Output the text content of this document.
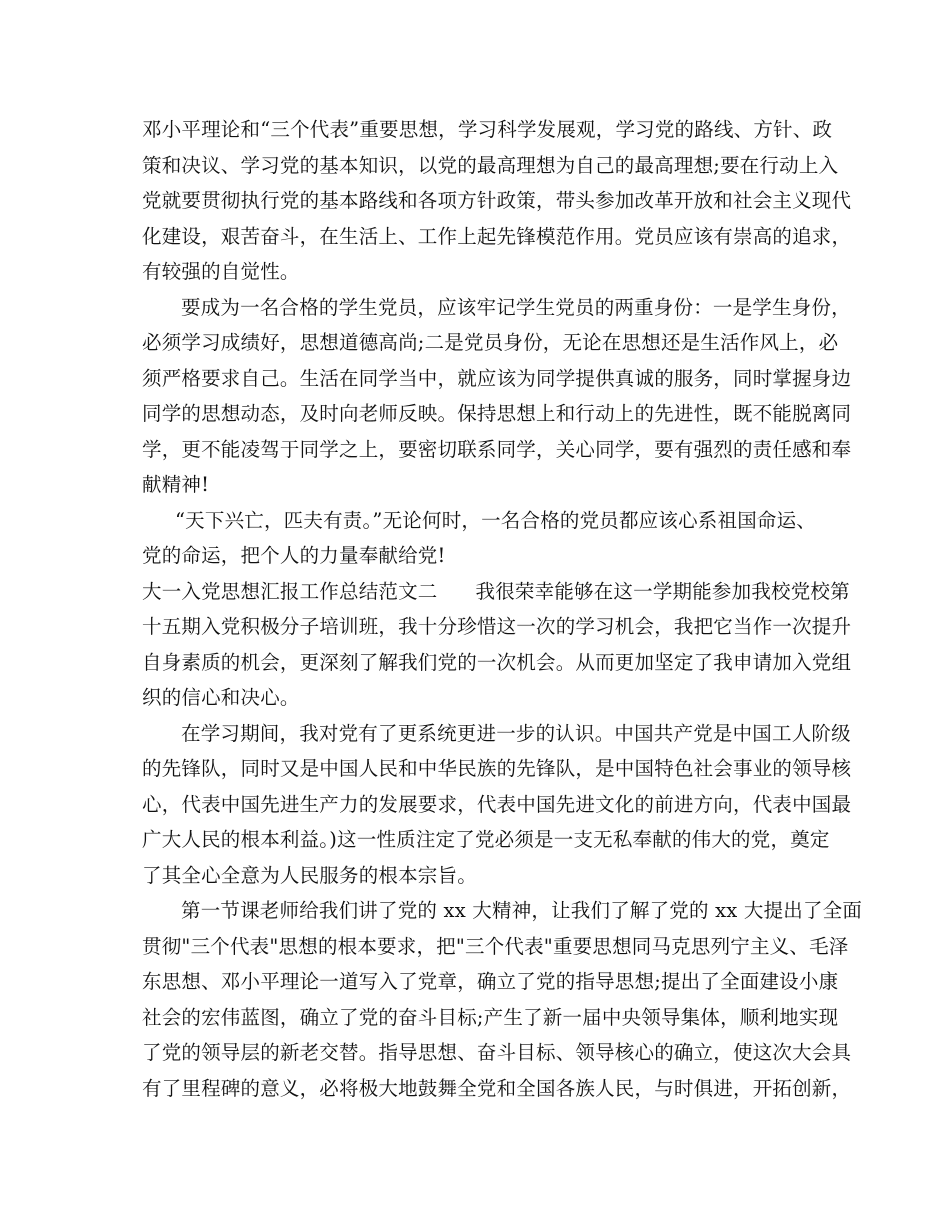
邓小平理论和“三个代表”重要思想，学习科学发展观，学习党的路线、方针、政
策和决议、学习党的基本知识，以党的最高理想为自己的最高理想;要在行动上入
党就要贯彻执行党的基本路线和各项方针政策，带头参加改革开放和社会主义现代
化建设，艰苦奋斗，在生活上、工作上起先锋模范作用。党员应该有崇高的追求，
有较强的自觉性。
要成为一名合格的学生党员，应该牢记学生党员的两重身份：一是学生身份，
必须学习成绩好，思想道德高尚;二是党员身份，无论在思想还是生活作风上，必
须严格要求自己。生活在同学当中，就应该为同学提供真诚的服务，同时掌握身边
同学的思想动态，及时向老师反映。保持思想上和行动上的先进性，既不能脱离同
学，更不能凌驾于同学之上，要密切联系同学，关心同学，要有强烈的责任感和奉
献精神!
“天下兴亡，匹夫有责。”无论何时，一名合格的党员都应该心系祖国命运、
党的命运，把个人的力量奉献给党!
大一入党思想汇报工作总结范文二	我很荣幸能够在这一学期能参加我校党校第
十五期入党积极分子培训班，我十分珍惜这一次的学习机会，我把它当作一次提升
自身素质的机会，更深刻了解我们党的一次机会。从而更加坚定了我申请加入党组
织的信心和决心。
在学习期间，我对党有了更系统更进一步的认识。中国共产党是中国工人阶级
的先锋队，同时又是中国人民和中华民族的先锋队，是中国特色社会事业的领导核
心，代表中国先进生产力的发展要求，代表中国先进文化的前进方向，代表中国最
广大人民的根本利益。)这一性质注定了党必须是一支无私奉献的伟大的党，奠定
了其全心全意为人民服务的根本宗旨。
第一节课老师给我们讲了党的 xx 大精神，让我们了解了党的 xx 大提出了全面
贯彻"三个代表"思想的根本要求，把"三个代表"重要思想同马克思列宁主义、毛泽
东思想、邓小平理论一道写入了党章，确立了党的指导思想;提出了全面建设小康
社会的宏伟蓝图，确立了党的奋斗目标;产生了新一届中央领导集体，顺利地实现
了党的领导层的新老交替。指导思想、奋斗目标、领导核心的确立，使这次大会具
有了里程碑的意义，必将极大地鼓舞全党和全国各族人民，与时俱进，开拓创新，
